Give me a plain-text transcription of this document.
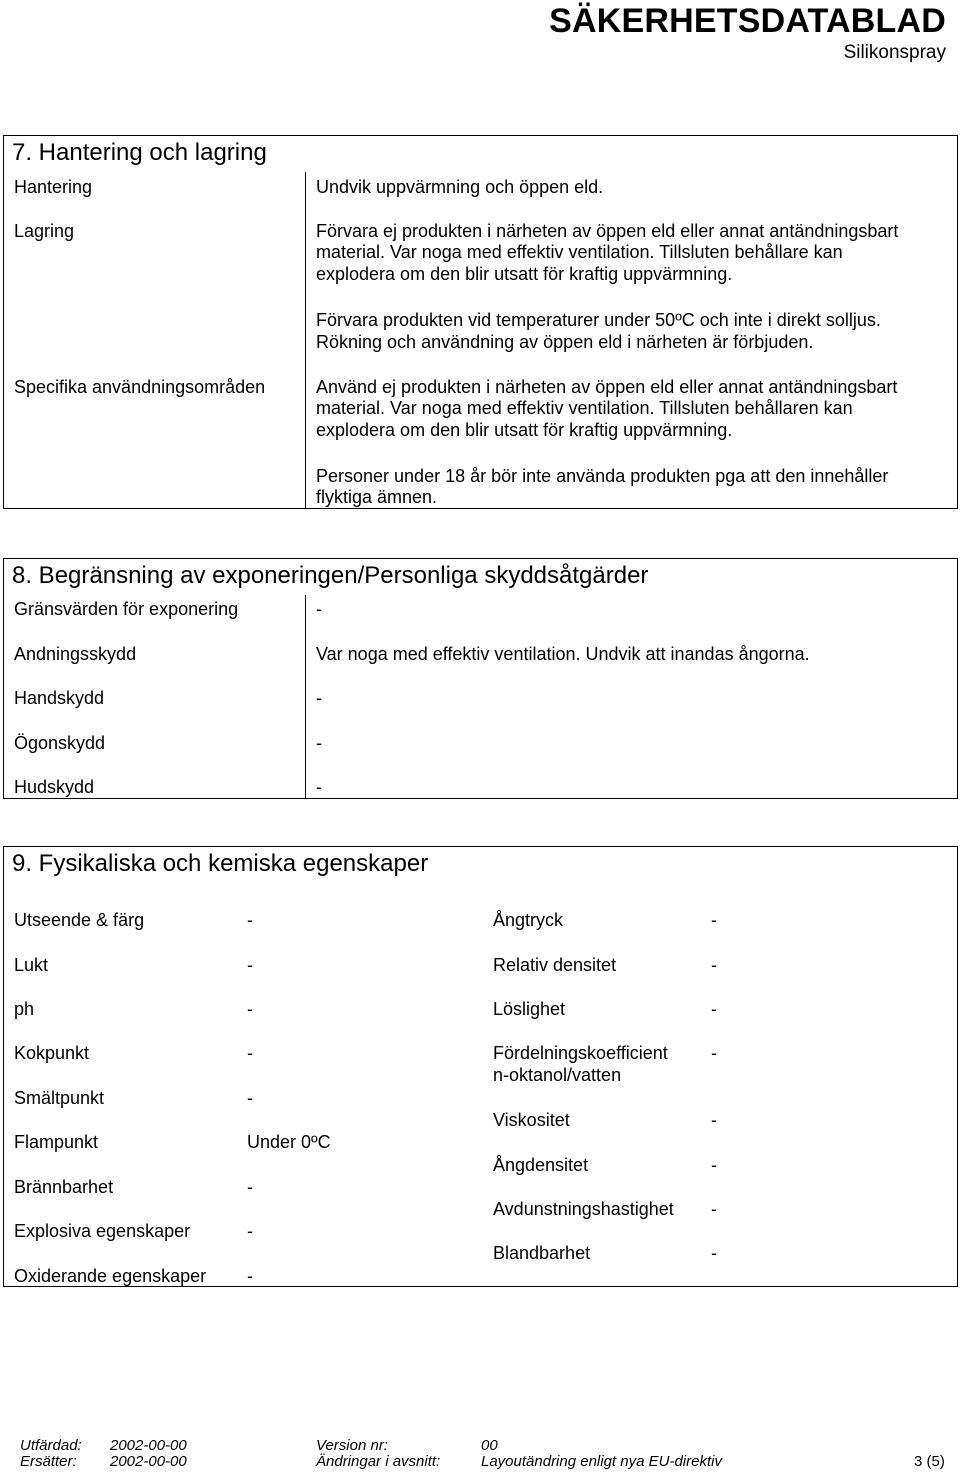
SÄKERHETSDATABLAD
Silikonspray
7. Hantering och lagring
Hantering	Undvik uppvärmning och öppen eld.
Lagring	Förvara ej produkten i närheten av öppen eld eller annat antändningsbart
material. Var noga med effektiv ventilation. Tillsluten behållare kan
explodera om den blir utsatt för kraftig uppvärmning.
Förvara produkten vid temperaturer under 50ºC och inte i direkt solljus.
Rökning och användning av öppen eld i närheten är förbjuden.
Specifika användningsområden	Använd ej produkten i närheten av öppen eld eller annat antändningsbart
material. Var noga med effektiv ventilation. Tillsluten behållaren kan
explodera om den blir utsatt för kraftig uppvärmning.
Personer under 18 år bör inte använda produkten pga att den innehåller
flyktiga ämnen.
8. Begränsning av exponeringen/Personliga skyddsåtgärder
Gränsvärden för exponering	-
Andningsskydd	Var noga med effektiv ventilation. Undvik att inandas ångorna.
Handskydd	-
Ögonskydd	-
Hudskydd	-
9. Fysikaliska och kemiska egenskaper
Utseende & färg	-
Lukt	-
ph	-
Kokpunkt	-
Smältpunkt	-
Flampunkt	Under 0ºC
Brännbarhet	-
Explosiva egenskaper	-
Oxiderande egenskaper -
Ångtryck	-
Relativ densitet	-
Löslighet	-
Fördelningskoefficient
n-oktanol/vatten
-
Viskositet	-
Ångdensitet	-
Avdunstningshastighet -
Blandbarhet	-
Utfärdad: 2002-00-00	Version nr:	00
Ersätter: 2002-00-00	Ändringar i avsnitt:	Layoutändring enligt nya EU-direktiv	3 (5)
